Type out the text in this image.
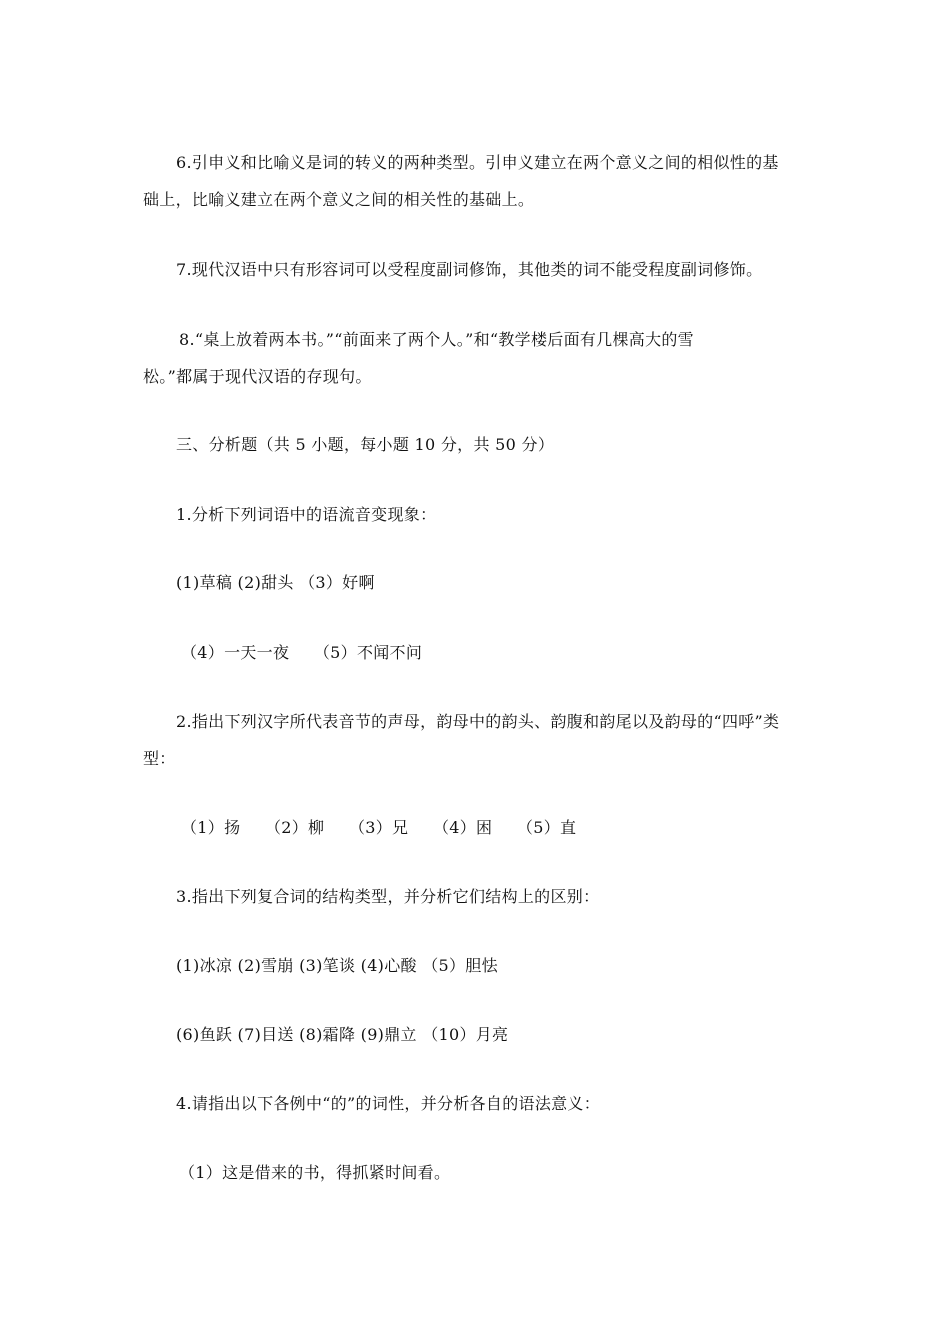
6.引申义和比喻义是词的转义的两种类型。引申义建立在两个意义之间的相似性的基
础上，比喻义建立在两个意义之间的相关性的基础上。
7.现代汉语中只有形容词可以受程度副词修饰，其他类的词不能受程度副词修饰。
8.“桌上放着两本书。”“前面来了两个人。”和“教学楼后面有几棵高大的雪
松。”都属于现代汉语的存现句。
三、分析题（共 5 小题，每小题 10 分，共 50 分）
1.分析下列词语中的语流音变现象：
(1)草稿 (2)甜头 （3）好啊
（4）一天一夜　　（5）不闻不问
2.指出下列汉字所代表音节的声母，韵母中的韵头、韵腹和韵尾以及韵母的“四呼”类
型：
（1）扬　　（2）柳　　（3）兄　　（4）困　　（5）直
3.指出下列复合词的结构类型，并分析它们结构上的区别：
(1)冰凉 (2)雪崩 (3)笔谈 (4)心酸 （5）胆怯
(6)鱼跃 (7)目送 (8)霜降 (9)鼎立 （10）月亮
4.请指出以下各例中“的”的词性，并分析各自的语法意义：
（1）这是借来的书，得抓紧时间看。
